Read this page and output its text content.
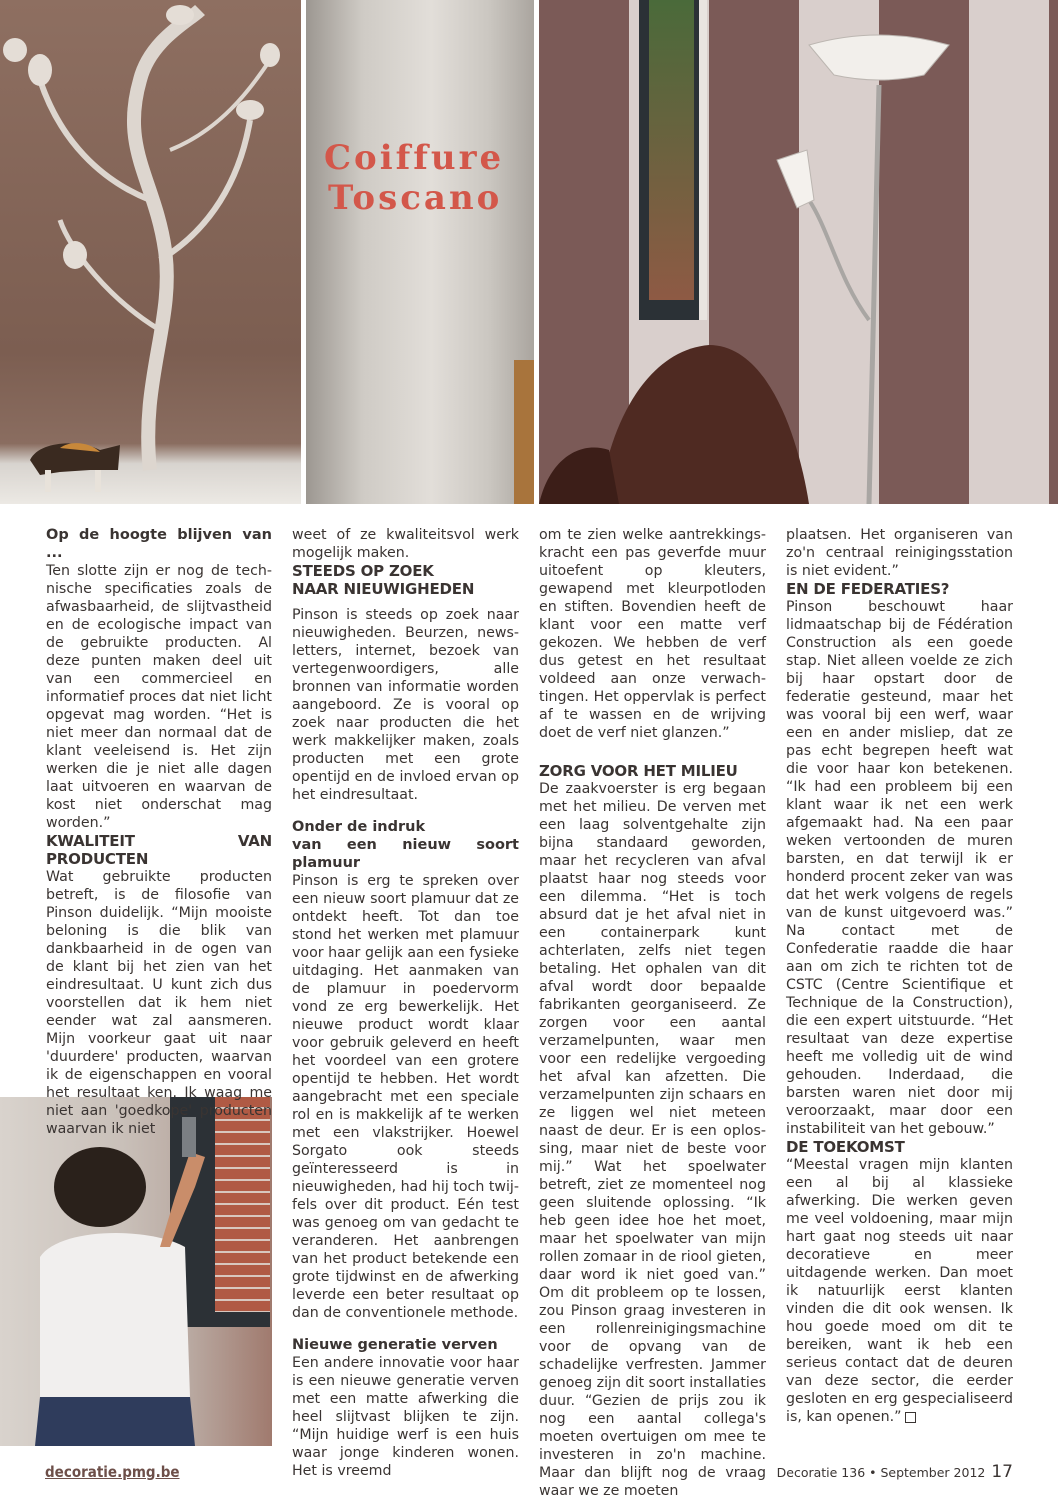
Coiffure
Toscano

Op de hoogte blijven van ...

Ten slotte zijn er nog de technische specificaties zoals de afwasbaarheid, de slijtvastheid en de ecologische impact van de gebruikte producten. Al deze punten maken deel uit van een commercieel en informatief proces dat niet licht opgevat mag worden. “Het is niet meer dan normaal dat de klant veeleisend is. Het zijn werken die je niet alle dagen laat uitvoeren en waarvan de kost niet onderschat mag worden.”

KWALITEIT VAN PRODUCTEN

Wat gebruikte producten betreft, is de filosofie van Pinson duidelijk. “Mijn mooiste beloning is die blik van dankbaarheid in de ogen van de klant bij het zien van het eindresultaat. U kunt zich dus voorstellen dat ik hem niet eender wat zal aansmeren. Mijn voorkeur gaat uit naar 'duurdere' producten, waarvan ik de eigenschappen en vooral het resultaat ken. Ik waag me niet aan 'goedkope' producten waarvan ik niet

weet of ze kwaliteitsvol werk mogelijk maken.

STEEDS OP ZOEK
NAAR NIEUWIGHEDEN

Pinson is steeds op zoek naar nieuwigheden. Beurzen, newsletters, internet, bezoek van vertegenwoordigers, alle bronnen van informatie worden aangeboord. Ze is vooral op zoek naar producten die het werk makkelijker maken, zoals producten met een grote opentijd en de invloed ervan op het eindresultaat.

Onder de indruk
van een nieuw soort plamuur

Pinson is erg te spreken over een nieuw soort plamuur dat ze ontdekt heeft. Tot dan toe stond het werken met plamuur voor haar gelijk aan een fysieke uitdaging. Het aanmaken van de plamuur in poedervorm vond ze erg bewerkelijk. Het nieuwe product wordt klaar voor gebruik geleverd en heeft het voordeel van een grotere opentijd te hebben. Het wordt aangebracht met een speciale rol en is makkelijk af te werken met een vlakstrijker. Hoewel Sorgato ook steeds geïnteresseerd is in nieuwigheden, had hij toch twijfels over dit product. Eén test was genoeg om van gedacht te veranderen. Het aanbrengen van het product betekende een grote tijdwinst en de afwerking leverde een beter resultaat op dan de conventionele methode.

Nieuwe generatie verven

Een andere innovatie voor haar is een nieuwe generatie verven met een matte afwerking die heel slijtvast blijken te zijn. “Mijn huidige werf is een huis waar jonge kinderen wonen. Het is vreemd

om te zien welke aantrekkingskracht een pas geverfde muur uitoefent op kleuters, gewapend met kleurpotloden en stiften. Bovendien heeft de klant voor een matte verf gekozen. We hebben de verf dus getest en het resultaat voldeed aan onze verwachtingen. Het oppervlak is perfect af te wassen en de wrijving doet de verf niet glanzen.”

ZORG VOOR HET MILIEU

De zaakvoerster is erg begaan met het milieu. De verven met een laag solventgehalte zijn bijna standaard geworden, maar het recycleren van afval plaatst haar nog steeds voor een dilemma. “Het is toch absurd dat je het afval niet in een containerpark kunt achterlaten, zelfs niet tegen betaling. Het ophalen van dit afval wordt door bepaalde fabrikanten georganiseerd. Ze zorgen voor een aantal verzamelpunten, waar men voor een redelijke vergoeding het afval kan afzetten. Die verzamelpunten zijn schaars en ze liggen wel niet meteen naast de deur. Er is een oplossing, maar niet de beste voor mij.” Wat het spoelwater betreft, ziet ze momenteel nog geen sluitende oplossing. “Ik heb geen idee hoe het moet, maar het spoelwater van mijn rollen zomaar in de riool gieten, daar word ik niet goed van.” Om dit probleem op te lossen, zou Pinson graag investeren in een rollenreinigingsmachine voor de opvang van de schadelijke verfresten. Jammer genoeg zijn dit soort installaties duur. “Gezien de prijs zou ik nog een aantal collega's moeten overtuigen om mee te investeren in zo'n machine. Maar dan blijft nog de vraag waar we ze moeten

plaatsen. Het organiseren van zo'n centraal reinigingsstation is niet evident.”

EN DE FEDERATIES?

Pinson beschouwt haar lidmaatschap bij de Fédération Construction als een goede stap. Niet alleen voelde ze zich bij haar opstart door de federatie gesteund, maar het was vooral bij een werf, waar een en ander misliep, dat ze pas echt begrepen heeft wat die voor haar kon betekenen. “Ik had een probleem bij een klant waar ik net een werk afgemaakt had. Na een paar weken vertoonden de muren barsten, en dat terwijl ik er honderd procent zeker van was dat het werk volgens de regels van de kunst uitgevoerd was.” Na contact met de Confederatie raadde die haar aan om zich te richten tot de CSTC (Centre Scientifique et Technique de la Construction), die een expert uitstuurde. “Het resultaat van deze expertise heeft me volledig uit de wind gehouden. Inderdaad, die barsten waren niet door mij veroorzaakt, maar door een instabiliteit van het gebouw.”

DE TOEKOMST

“Meestal vragen mijn klanten een al bij al klassieke afwerking. Die werken geven me veel voldoening, maar mijn hart gaat nog steeds uit naar decoratieve en meer uitdagende werken. Dan moet ik natuurlijk eerst klanten vinden die dit ook wensen. Ik hou goede moed om dit te bereiken, want ik heb een serieus contact dat de deuren van deze sector, die eerder gesloten en erg gespecialiseerd is, kan openen.”

decoratie.pmg.be	Decoratie 136 • September 2012 17
